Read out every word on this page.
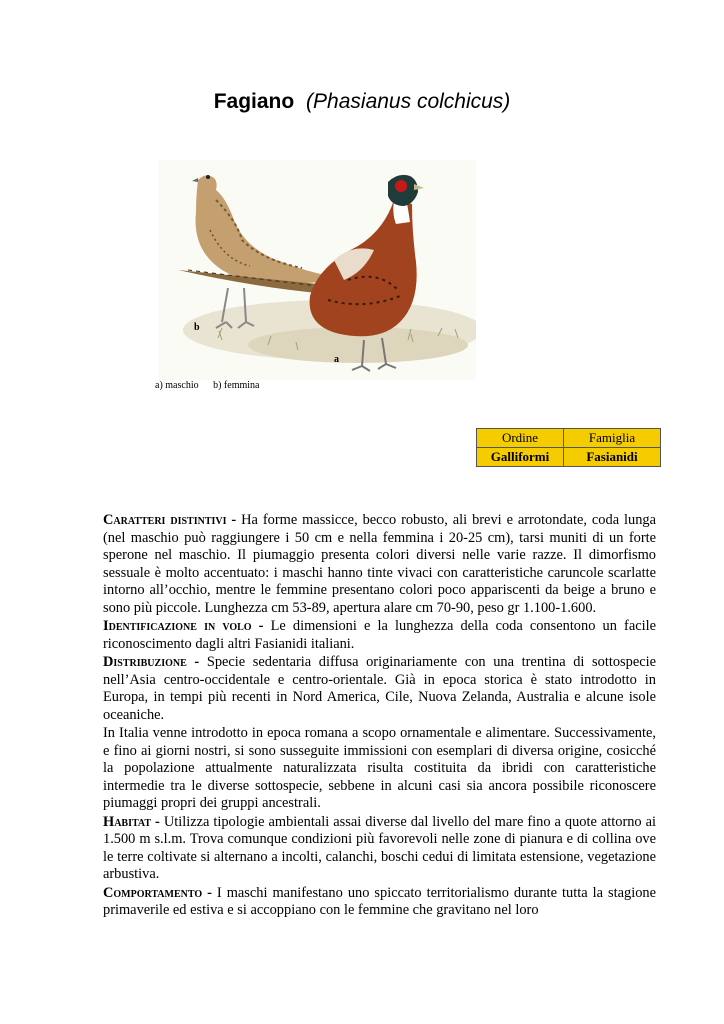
Fagiano (Phasianus colchicus)
b
a
a) maschio b) femmina
Ordine	Famiglia
Galliformi	Fasianidi

Caratteri distintivi - Ha forme massicce, becco robusto, ali brevi e arrotondate, coda lunga (nel maschio può raggiungere i 50 cm e nella femmina i 20-25 cm), tarsi muniti di un forte sperone nel maschio. Il piumaggio presenta colori diversi nelle varie razze. Il dimorfismo sessuale è molto accentuato: i maschi hanno tinte vivaci con caratteristiche caruncole scarlatte intorno all’occhio, mentre le femmine presentano colori poco appariscenti da beige a bruno e sono più piccole. Lunghezza cm 53-89, apertura alare cm 70-90, peso gr 1.100-1.600.

Identificazione in volo - Le dimensioni e la lunghezza della coda consentono un facile riconoscimento dagli altri Fasianidi italiani.

Distribuzione - Specie sedentaria diffusa originariamente con una trentina di sottospecie nell’Asia centro-occidentale e centro-orientale. Già in epoca storica è stato introdotto in Europa, in tempi più recenti in Nord America, Cile, Nuova Zelanda, Australia e alcune isole oceaniche.

In Italia venne introdotto in epoca romana a scopo ornamentale e alimentare. Successivamente, e fino ai giorni nostri, si sono susseguite immissioni con esemplari di diversa origine, cosicché la popolazione attualmente naturalizzata risulta costituita da ibridi con caratteristiche intermedie tra le diverse sottospecie, sebbene in alcuni casi sia ancora possibile riconoscere piumaggi propri dei gruppi ancestrali.

Habitat - Utilizza tipologie ambientali assai diverse dal livello del mare fino a quote attorno ai 1.500 m s.l.m. Trova comunque condizioni più favorevoli nelle zone di pianura e di collina ove le terre coltivate si alternano a incolti, calanchi, boschi cedui di limitata estensione, vegetazione arbustiva.

Comportamento - I maschi manifestano uno spiccato territorialismo durante tutta la stagione primaverile ed estiva e si accoppiano con le femmine che gravitano nel loro
